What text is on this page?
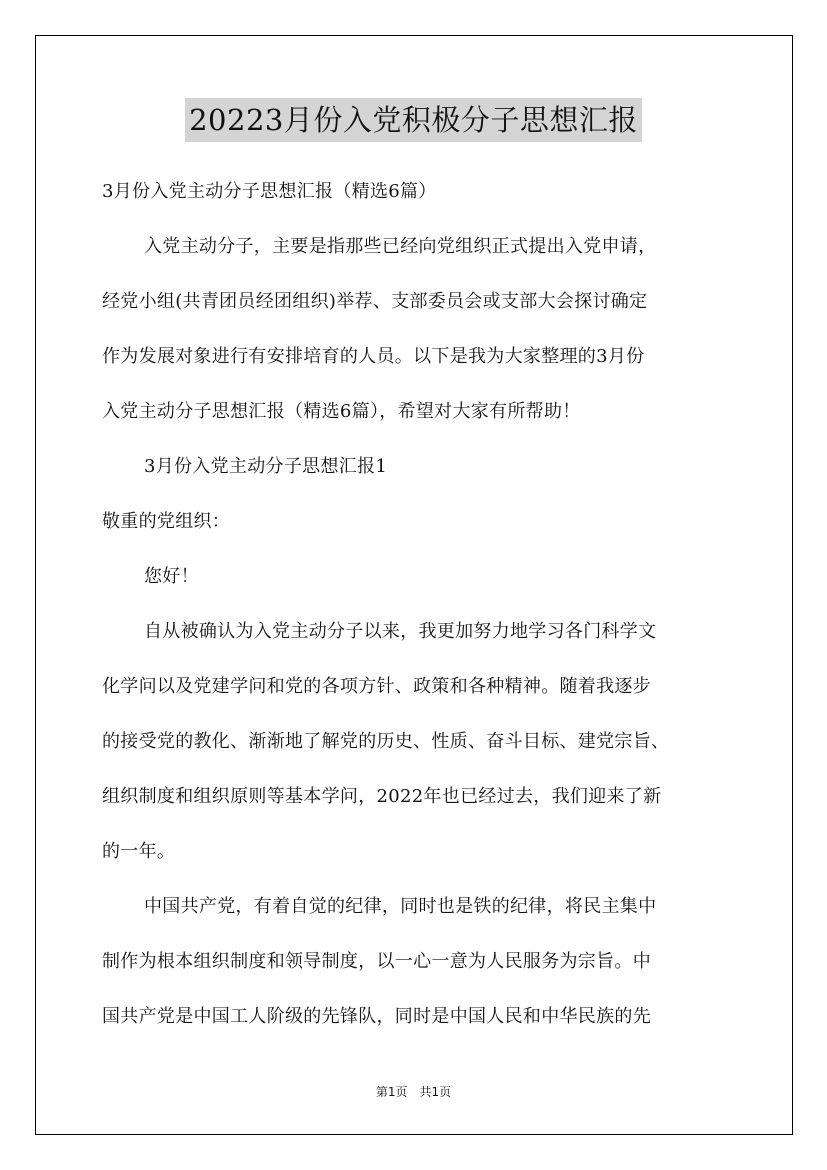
20223月份入党积极分子思想汇报
3月份入党主动分子思想汇报（精选6篇）
入党主动分子，主要是指那些已经向党组织正式提出入党申请，
经党小组(共青团员经团组织)举荐、支部委员会或支部大会探讨确定
作为发展对象进行有安排培育的人员。以下是我为大家整理的3月份
入党主动分子思想汇报（精选6篇），希望对大家有所帮助！
3月份入党主动分子思想汇报1
敬重的党组织：
您好！
自从被确认为入党主动分子以来，我更加努力地学习各门科学文
化学问以及党建学问和党的各项方针、政策和各种精神。随着我逐步
的接受党的教化、渐渐地了解党的历史、性质、奋斗目标、建党宗旨、
组织制度和组织原则等基本学问，2022年也已经过去，我们迎来了新
的一年。
中国共产党，有着自觉的纪律，同时也是铁的纪律，将民主集中
制作为根本组织制度和领导制度，以一心一意为人民服务为宗旨。中
国共产党是中国工人阶级的先锋队，同时是中国人民和中华民族的先
第1页　共1页
